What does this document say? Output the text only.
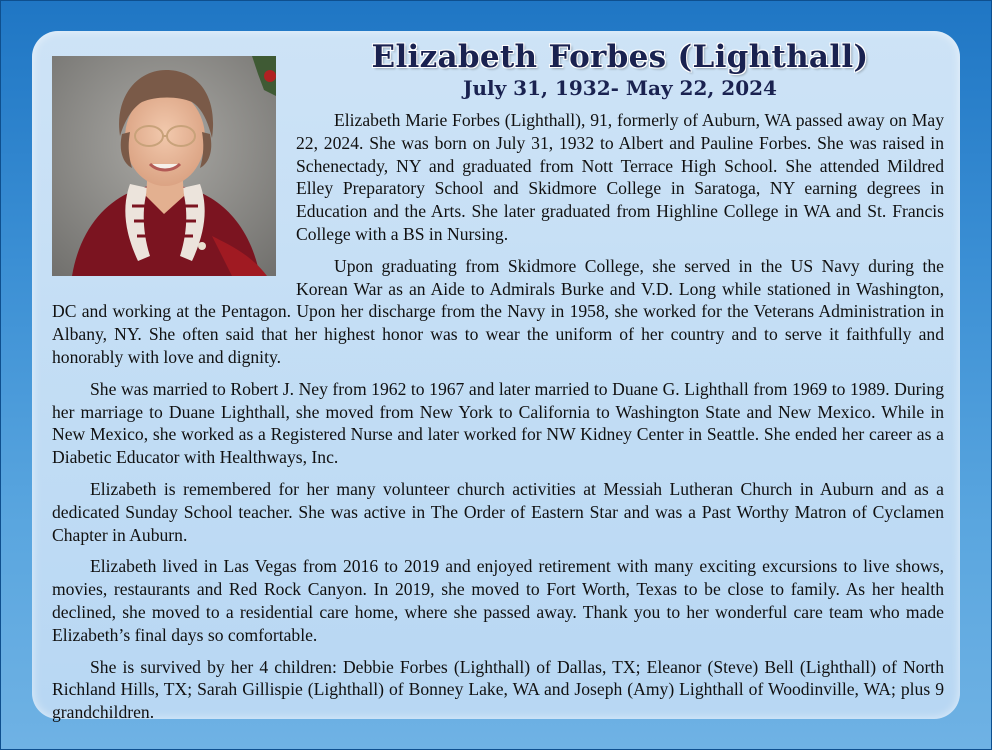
Elizabeth Forbes (Lighthall)
July 31, 1932- May 22, 2024

Elizabeth Marie Forbes (Lighthall), 91, formerly of Auburn, WA passed away on May 22, 2024. She was born on July 31, 1932 to Albert and Pauline Forbes. She was raised in Schenectady, NY and graduated from Nott Terrace High School. She attended Mildred Elley Preparatory School and Skidmore College in Saratoga, NY earning degrees in Education and the Arts. She later graduated from Highline College in WA and St. Francis College with a BS in Nursing.

Upon graduating from Skidmore College, she served in the US Navy during the Korean War as an Aide to Admirals Burke and V.D. Long while stationed in Washington, DC and working at the Pentagon. Upon her discharge from the Navy in 1958, she worked for the Veterans Administration in Albany, NY. She often said that her highest honor was to wear the uniform of her country and to serve it faithfully and honorably with love and dignity.

She was married to Robert J. Ney from 1962 to 1967 and later married to Duane G. Lighthall from 1969 to 1989. During her marriage to Duane Lighthall, she moved from New York to California to Washington State and New Mexico. While in New Mexico, she worked as a Registered Nurse and later worked for NW Kidney Center in Seattle. She ended her career as a Diabetic Educator with Healthways, Inc.

Elizabeth is remembered for her many volunteer church activities at Messiah Lutheran Church in Auburn and as a dedicated Sunday School teacher. She was active in The Order of Eastern Star and was a Past Worthy Matron of Cyclamen Chapter in Auburn.

Elizabeth lived in Las Vegas from 2016 to 2019 and enjoyed retirement with many exciting excursions to live shows, movies, restaurants and Red Rock Canyon. In 2019, she moved to Fort Worth, Texas to be close to family. As her health declined, she moved to a residential care home, where she passed away. Thank you to her wonderful care team who made Elizabeth’s final days so comfortable.

She is survived by her 4 children: Debbie Forbes (Lighthall) of Dallas, TX; Eleanor (Steve) Bell (Lighthall) of North Richland Hills, TX; Sarah Gillispie (Lighthall) of Bonney Lake, WA and Joseph (Amy) Lighthall of Woodinville, WA; plus 9 grandchildren.
